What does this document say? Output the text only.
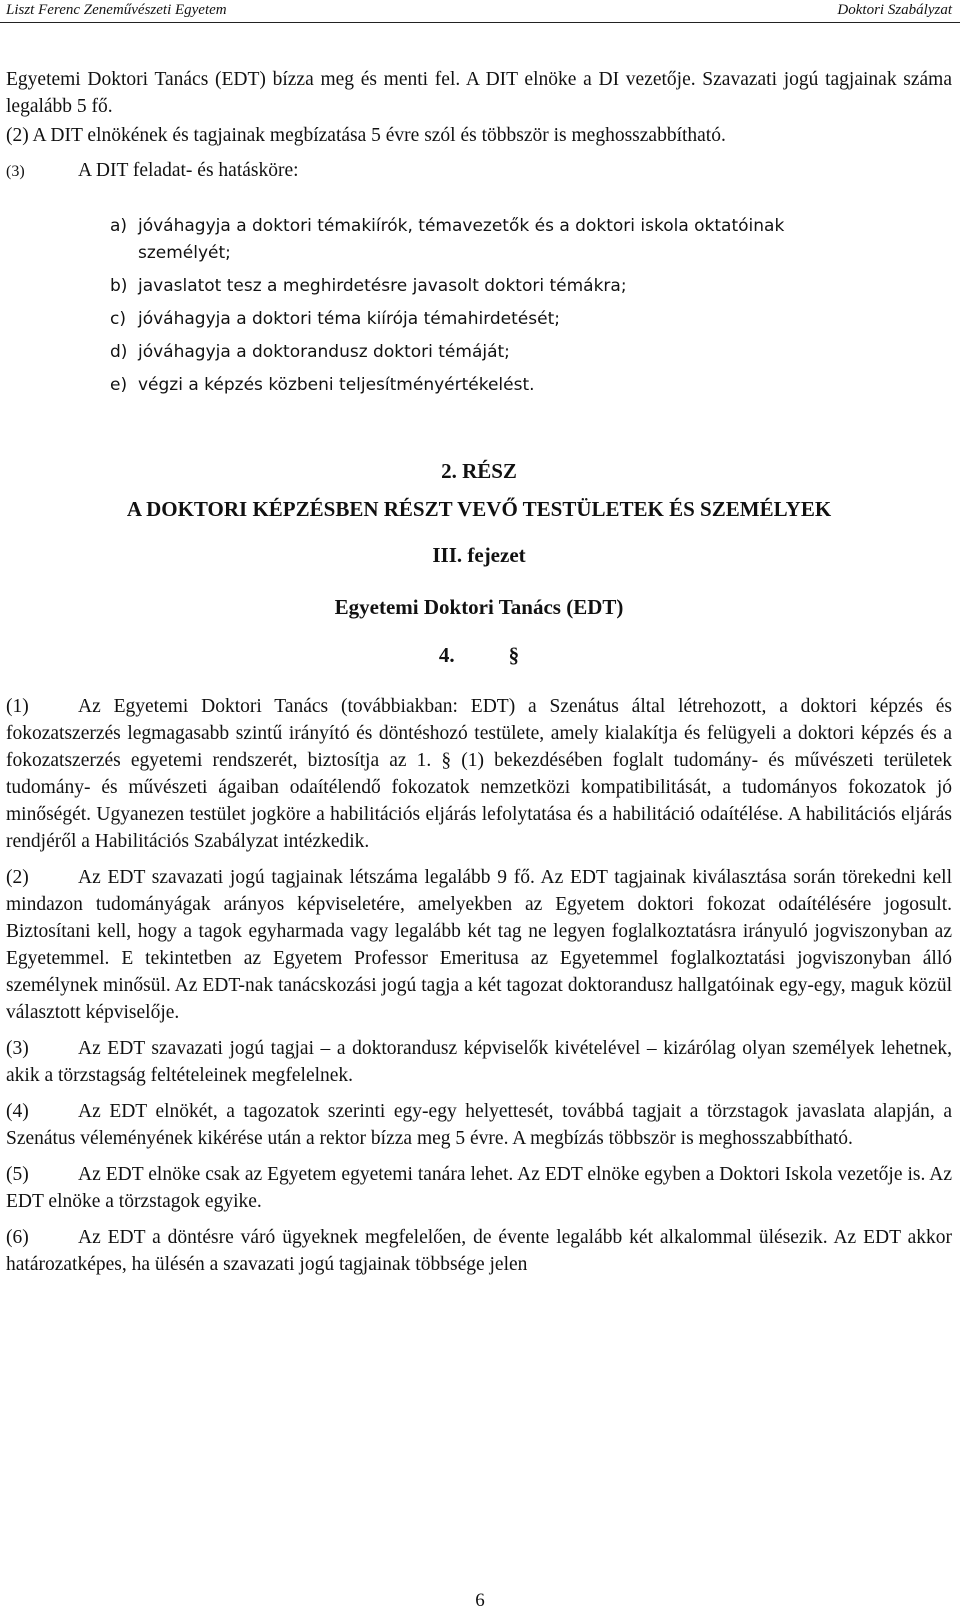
Liszt Ferenc Zeneművészeti Egyetem	Doktori Szabályzat

Egyetemi Doktori Tanács (EDT) bízza meg és menti fel. A DIT elnöke a DI vezetője. Szavazati jogú tagjainak száma legalább 5 fő.

(2) A DIT elnökének és tagjainak megbízatása 5 évre szól és többször is meghosszabbítható.

(3)	A DIT feladat- és hatásköre:
a) jóváhagyja a doktori témakiírók, témavezetők és a doktori iskola oktatóinak
személyét;
b) javaslatot tesz a meghirdetésre javasolt doktori témákra;
c) jóváhagyja a doktori téma kiírója témahirdetését;
d) jóváhagyja a doktorandusz doktori témáját;
e) végzi a képzés közbeni teljesítményértékelést.
2. RÉSZ
A DOKTORI KÉPZÉSBEN RÉSZT VEVŐ TESTÜLETEK ÉS SZEMÉLYEK
III. fejezet
Egyetemi Doktori Tanács (EDT)
4.	§

(1)	Az Egyetemi Doktori Tanács (továbbiakban: EDT) a Szenátus által létrehozott, a doktori képzés és fokozatszerzés legmagasabb szintű irányító és döntéshozó testülete, amely kialakítja és felügyeli a doktori képzés és a fokozatszerzés egyetemi rendszerét, biztosítja az 1. § (1) bekezdésében foglalt tudomány- és művészeti területek tudomány- és művészeti ágaiban odaítélendő fokozatok nemzetközi kompatibilitását, a tudományos fokozatok jó minőségét. Ugyanezen testület jogköre a habilitációs eljárás lefolytatása és a habilitáció odaítélése. A habilitációs eljárás rendjéről a Habilitációs Szabályzat intézkedik.

(2)	Az EDT szavazati jogú tagjainak létszáma legalább 9 fő. Az EDT tagjainak kiválasztása során törekedni kell mindazon tudományágak arányos képviseletére, amelyekben az Egyetem doktori fokozat odaítélésére jogosult. Biztosítani kell, hogy a tagok egyharmada vagy legalább két tag ne legyen foglalkoztatásra irányuló jogviszonyban az Egyetemmel. E tekintetben az Egyetem Professor Emeritusa az Egyetemmel foglalkoztatási jogviszonyban álló személynek minősül. Az EDT-nak tanácskozási jogú tagja a két tagozat doktorandusz hallgatóinak egy-egy, maguk közül választott képviselője.

(3)	Az EDT szavazati jogú tagjai – a doktorandusz képviselők kivételével – kizárólag olyan személyek lehetnek, akik a törzstagság feltételeinek megfelelnek.

(4)	Az EDT elnökét, a tagozatok szerinti egy-egy helyettesét, továbbá tagjait a törzstagok javaslata alapján, a Szenátus véleményének kikérése után a rektor bízza meg 5 évre. A megbízás többször is meghosszabbítható.

(5)	Az EDT elnöke csak az Egyetem egyetemi tanára lehet. Az EDT elnöke egyben a Doktori Iskola vezetője is. Az EDT elnöke a törzstagok egyike.

(6)	Az EDT a döntésre váró ügyeknek megfelelően, de évente legalább két alkalommal ülésezik. Az EDT akkor határozatképes, ha ülésén a szavazati jogú tagjainak többsége jelen

6
